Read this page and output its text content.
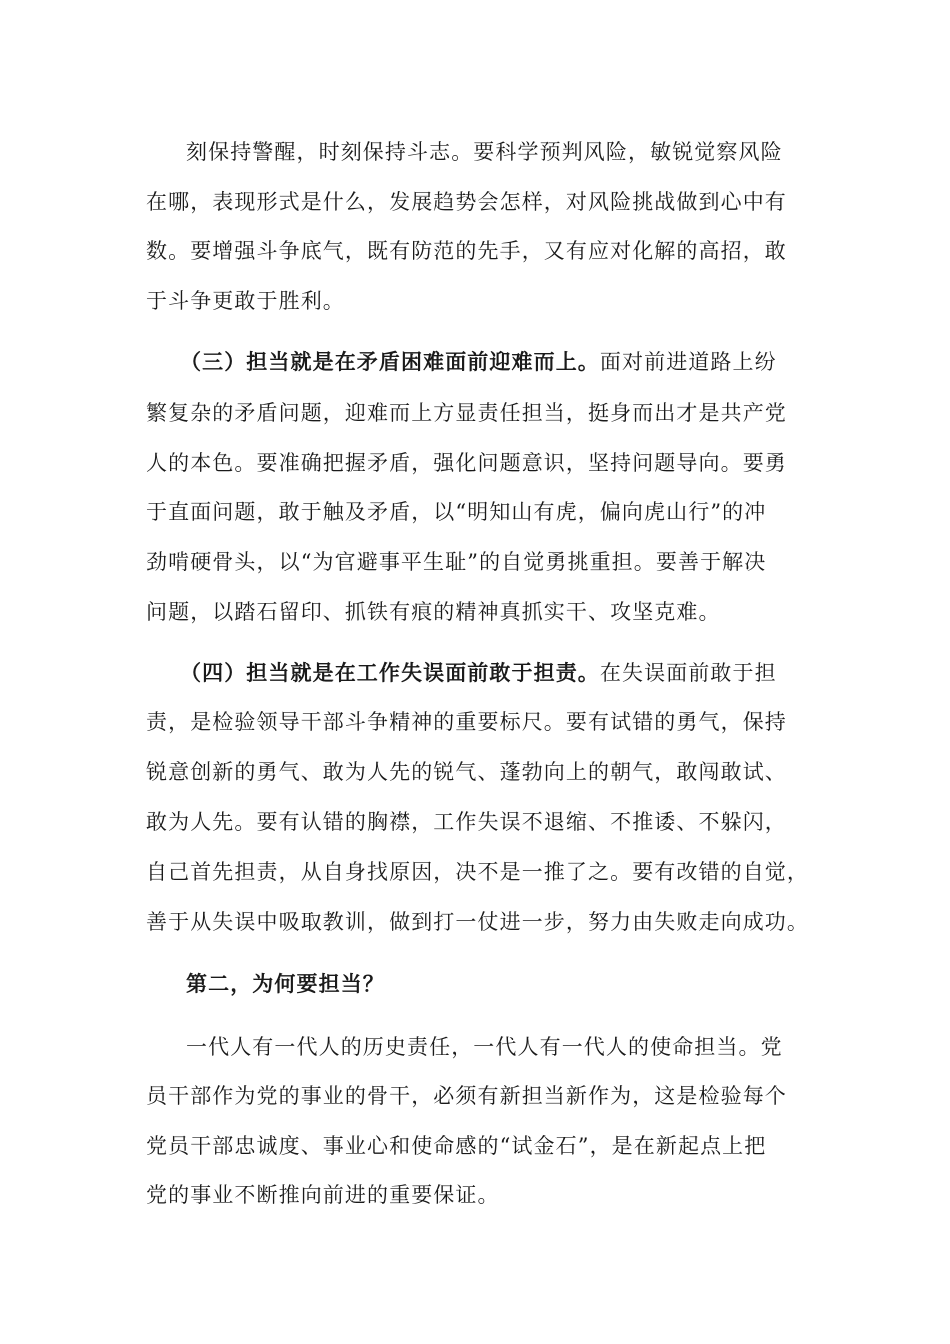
刻保持警醒，时刻保持斗志。要科学预判风险，敏锐觉察风险
在哪，表现形式是什么，发展趋势会怎样，对风险挑战做到心中有
数。要增强斗争底气，既有防范的先手，又有应对化解的高招，敢
于斗争更敢于胜利。
（三）担当就是在矛盾困难面前迎难而上。面对前进道路上纷
繁复杂的矛盾问题，迎难而上方显责任担当，挺身而出才是共产党
人的本色。要准确把握矛盾，强化问题意识，坚持问题导向。要勇
于直面问题，敢于触及矛盾，以“明知山有虎，偏向虎山行”的冲
劲啃硬骨头，以“为官避事平生耻”的自觉勇挑重担。要善于解决
问题，以踏石留印、抓铁有痕的精神真抓实干、攻坚克难。
（四）担当就是在工作失误面前敢于担责。在失误面前敢于担
责，是检验领导干部斗争精神的重要标尺。要有试错的勇气，保持
锐意创新的勇气、敢为人先的锐气、蓬勃向上的朝气，敢闯敢试、
敢为人先。要有认错的胸襟，工作失误不退缩、不推诿、不躲闪，
自己首先担责，从自身找原因，决不是一推了之。要有改错的自觉，
善于从失误中吸取教训，做到打一仗进一步，努力由失败走向成功。
第二，为何要担当？
一代人有一代人的历史责任，一代人有一代人的使命担当。党
员干部作为党的事业的骨干，必须有新担当新作为，这是检验每个
党员干部忠诚度、事业心和使命感的“试金石”，是在新起点上把
党的事业不断推向前进的重要保证。
